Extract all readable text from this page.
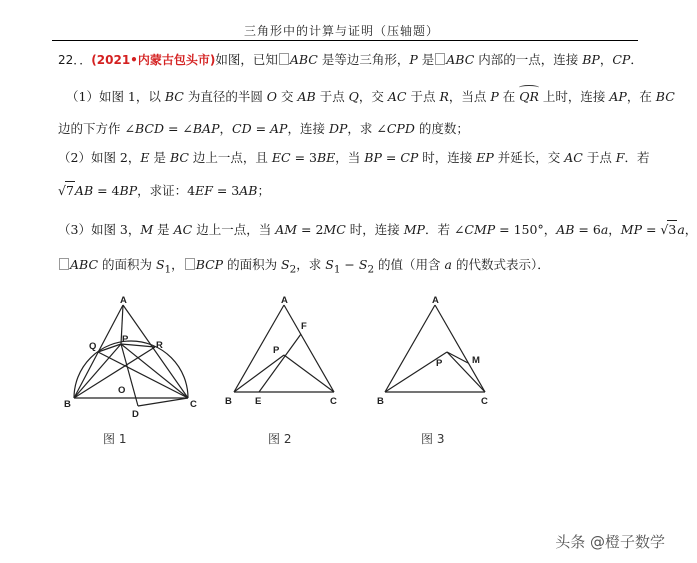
三角形中的计算与证明（压轴题）
22．．(2021•内蒙古包头市)如图，已知 ABC 是等边三角形，P 是 ABC 内部的一点，连接 BP，CP．
（1）如图 1，以 BC 为直径的半圆 O 交 AB 于点 Q，交 AC 于点 R，当点 P 在 QR 上时，连接 AP，在 BC
边的下方作 ∠BCD = ∠BAP，CD = AP，连接 DP，求 ∠CPD 的度数；
（2）如图 2，E 是 BC 边上一点，且 EC = 3BE，当 BP = CP 时，连接 EP 并延长，交 AC 于点 F．若
√7AB = 4BP，求证：4EF = 3AB；
（3）如图 3，M 是 AC 边上一点，当 AM = 2MC 时，连接 MP．若 ∠CMP = 150°，AB = 6a，MP = √3a，
ABC 的面积为 $S_1$， BCP 的面积为 $S_2$，求 $S_1 - S_2$ 的值（用含 a 的代数式表示）．
A
B	C
D
O
P
Q	R
图 1
A
B	C
E
F
P
图 2
A
B	C
M
P
图 3
头条 @橙子数学
